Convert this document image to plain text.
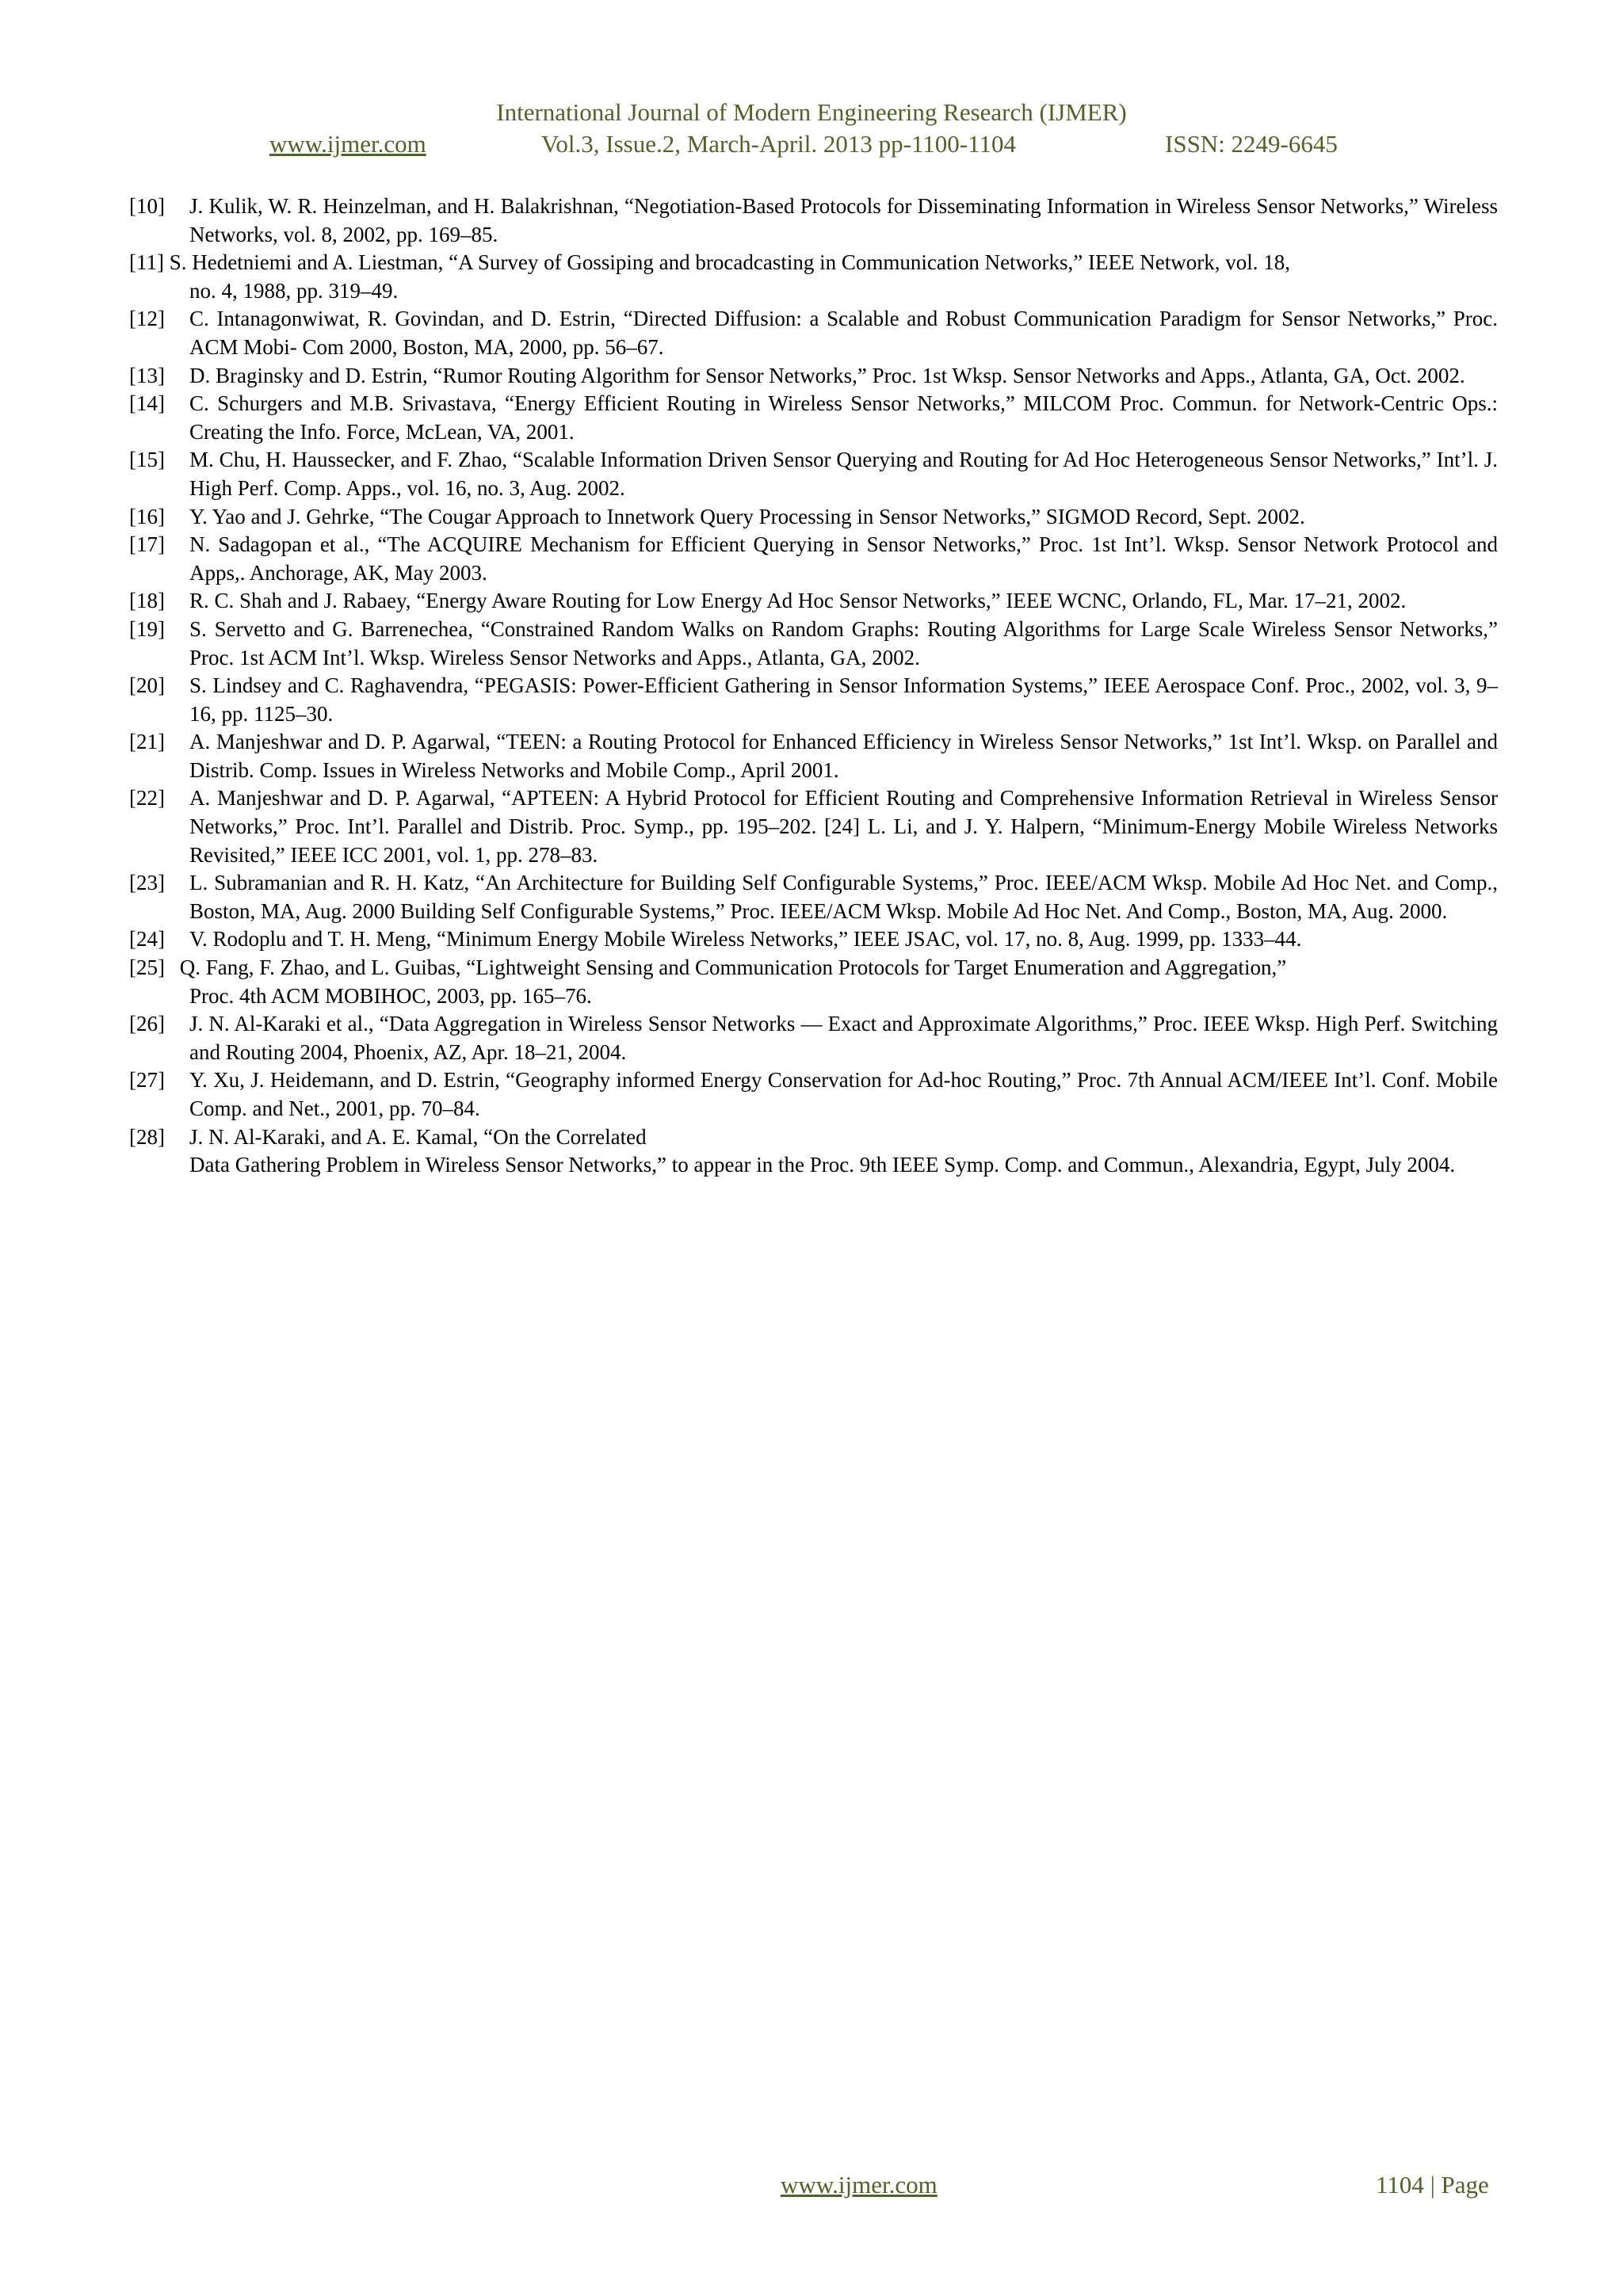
International Journal of Modern Engineering Research (IJMER)
www.ijmer.com	Vol.3, Issue.2, March-April. 2013 pp-1100-1104	ISSN: 2249-6645
[10] J. Kulik, W. R. Heinzelman, and H. Balakrishnan, “Negotiation-Based Protocols for Disseminating Information in Wireless Sensor Networks,” Wireless Networks, vol. 8, 2002, pp. 169–85.
[11] S. Hedetniemi and A. Liestman, “A Survey of Gossiping and brocadcasting in Communication Networks,” IEEE Network, vol. 18,
no. 4, 1988, pp. 319–49.
[12] C. Intanagonwiwat, R. Govindan, and D. Estrin, “Directed Diffusion: a Scalable and Robust Communication Paradigm for Sensor Networks,” Proc. ACM Mobi- Com 2000, Boston, MA, 2000, pp. 56–67.
[13] D. Braginsky and D. Estrin, “Rumor Routing Algorithm for Sensor Networks,” Proc. 1st Wksp. Sensor Networks and Apps., Atlanta, GA, Oct. 2002.
[14] C. Schurgers and M.B. Srivastava, “Energy Efficient Routing in Wireless Sensor Networks,” MILCOM Proc. Commun. for Network-Centric Ops.: Creating the Info. Force, McLean, VA, 2001.
[15] M. Chu, H. Haussecker, and F. Zhao, “Scalable Information Driven Sensor Querying and Routing for Ad Hoc Heterogeneous Sensor Networks,” Int’l. J. High Perf. Comp. Apps., vol. 16, no. 3, Aug. 2002.
[16] Y. Yao and J. Gehrke, “The Cougar Approach to Innetwork Query Processing in Sensor Networks,” SIGMOD Record, Sept. 2002.
[17] N. Sadagopan et al., “The ACQUIRE Mechanism for Efficient Querying in Sensor Networks,” Proc. 1st Int’l. Wksp. Sensor Network Protocol and Apps,. Anchorage, AK, May 2003.
[18] R. C. Shah and J. Rabaey, “Energy Aware Routing for Low Energy Ad Hoc Sensor Networks,” IEEE WCNC, Orlando, FL, Mar. 17–21, 2002.
[19] S. Servetto and G. Barrenechea, “Constrained Random Walks on Random Graphs: Routing Algorithms for Large Scale Wireless Sensor Networks,” Proc. 1st ACM Int’l. Wksp. Wireless Sensor Networks and Apps., Atlanta, GA, 2002.
[20] S. Lindsey and C. Raghavendra, “PEGASIS: Power-Efficient Gathering in Sensor Information Systems,” IEEE Aerospace Conf. Proc., 2002, vol. 3, 9–16, pp. 1125–30.
[21] A. Manjeshwar and D. P. Agarwal, “TEEN: a Routing Protocol for Enhanced Efficiency in Wireless Sensor Networks,” 1st Int’l. Wksp. on Parallel and Distrib. Comp. Issues in Wireless Networks and Mobile Comp., April 2001.
[22] A. Manjeshwar and D. P. Agarwal, “APTEEN: A Hybrid Protocol for Efficient Routing and Comprehensive Information Retrieval in Wireless Sensor Networks,” Proc. Int’l. Parallel and Distrib. Proc. Symp., pp. 195–202. [24] L. Li, and J. Y. Halpern, “Minimum-Energy Mobile Wireless Networks Revisited,” IEEE ICC 2001, vol. 1, pp. 278–83.
[23] L. Subramanian and R. H. Katz, “An Architecture for Building Self Configurable Systems,” Proc. IEEE/ACM Wksp. Mobile Ad Hoc Net. and Comp., Boston, MA, Aug. 2000 Building Self Configurable Systems,” Proc. IEEE/ACM Wksp. Mobile Ad Hoc Net. And Comp., Boston, MA, Aug. 2000.
[24] V. Rodoplu and T. H. Meng, “Minimum Energy Mobile Wireless Networks,” IEEE JSAC, vol. 17, no. 8, Aug. 1999, pp. 1333–44.
[25] Q. Fang, F. Zhao, and L. Guibas, “Lightweight Sensing and Communication Protocols for Target Enumeration and Aggregation,”
Proc. 4th ACM MOBIHOC, 2003, pp. 165–76.
[26] J. N. Al-Karaki et al., “Data Aggregation in Wireless Sensor Networks — Exact and Approximate Algorithms,” Proc. IEEE Wksp. High Perf. Switching and Routing 2004, Phoenix, AZ, Apr. 18–21, 2004.
[27] Y. Xu, J. Heidemann, and D. Estrin, “Geography informed Energy Conservation for Ad-hoc Routing,” Proc. 7th Annual ACM/IEEE Int’l. Conf. Mobile Comp. and Net., 2001, pp. 70–84.
[28] J. N. Al-Karaki, and A. E. Kamal, “On the Correlated
Data Gathering Problem in Wireless Sensor Networks,” to appear in the Proc. 9th IEEE Symp. Comp. and Commun., Alexandria, Egypt, July 2004.
www.ijmer.com	1104 | Page
